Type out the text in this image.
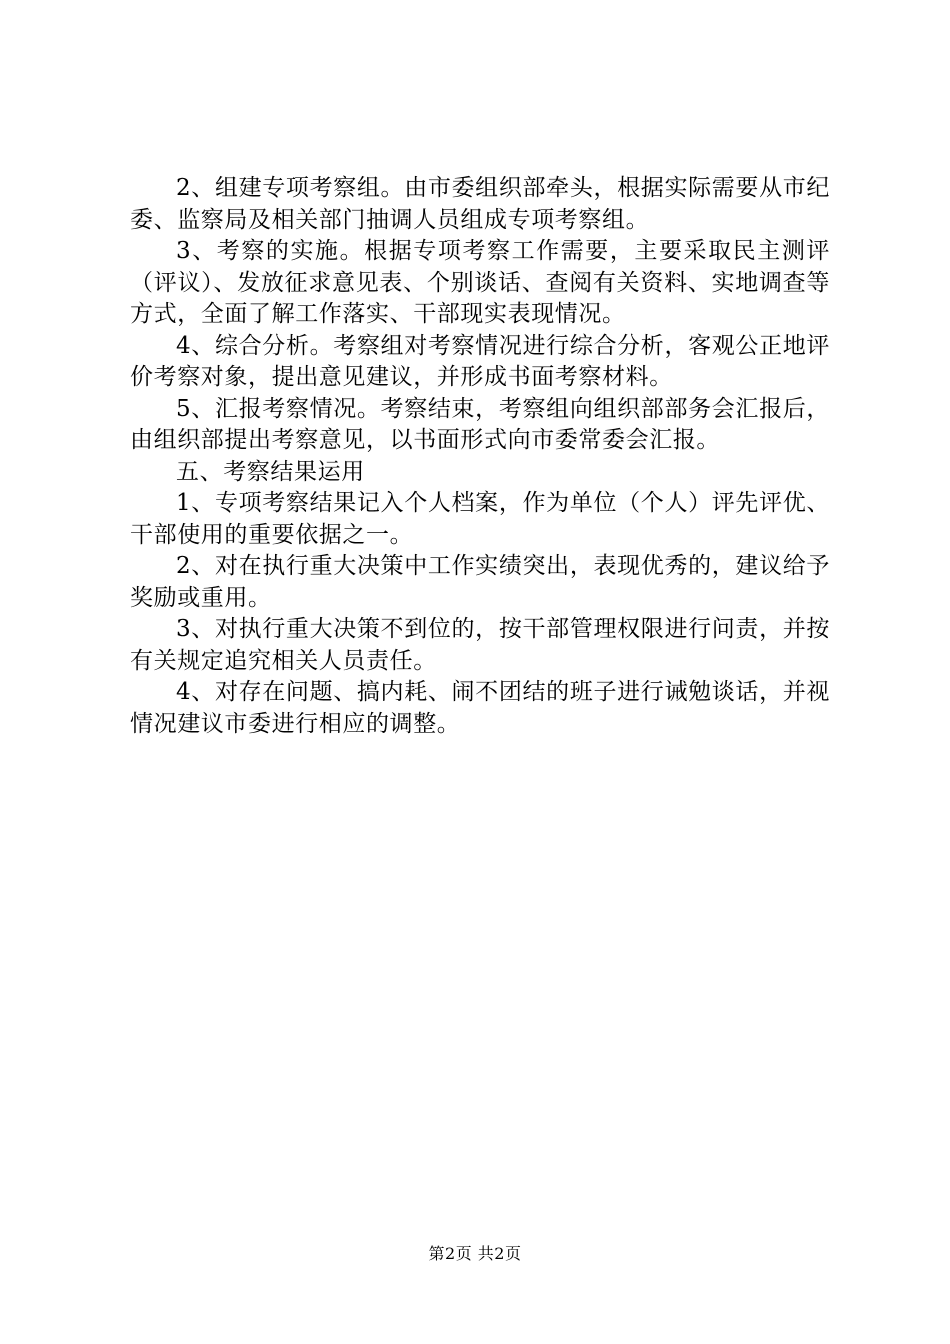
2、组建专项考察组。由市委组织部牵头，根据实际需要从市纪委、监察局及相关部门抽调人员组成专项考察组。

3、考察的实施。根据专项考察工作需要，主要采取民主测评（评议）、发放征求意见表、个别谈话、查阅有关资料、实地调查等方式，全面了解工作落实、干部现实表现情况。

4、综合分析。考察组对考察情况进行综合分析，客观公正地评价考察对象，提出意见建议，并形成书面考察材料。

5、汇报考察情况。考察结束，考察组向组织部部务会汇报后，由组织部提出考察意见，以书面形式向市委常委会汇报。

五、考察结果运用

1、专项考察结果记入个人档案，作为单位（个人）评先评优、干部使用的重要依据之一。

2、对在执行重大决策中工作实绩突出，表现优秀的，建议给予奖励或重用。

3、对执行重大决策不到位的，按干部管理权限进行问责，并按有关规定追究相关人员责任。

4、对存在问题、搞内耗、闹不团结的班子进行诫勉谈话，并视情况建议市委进行相应的调整。

第2页 共2页
